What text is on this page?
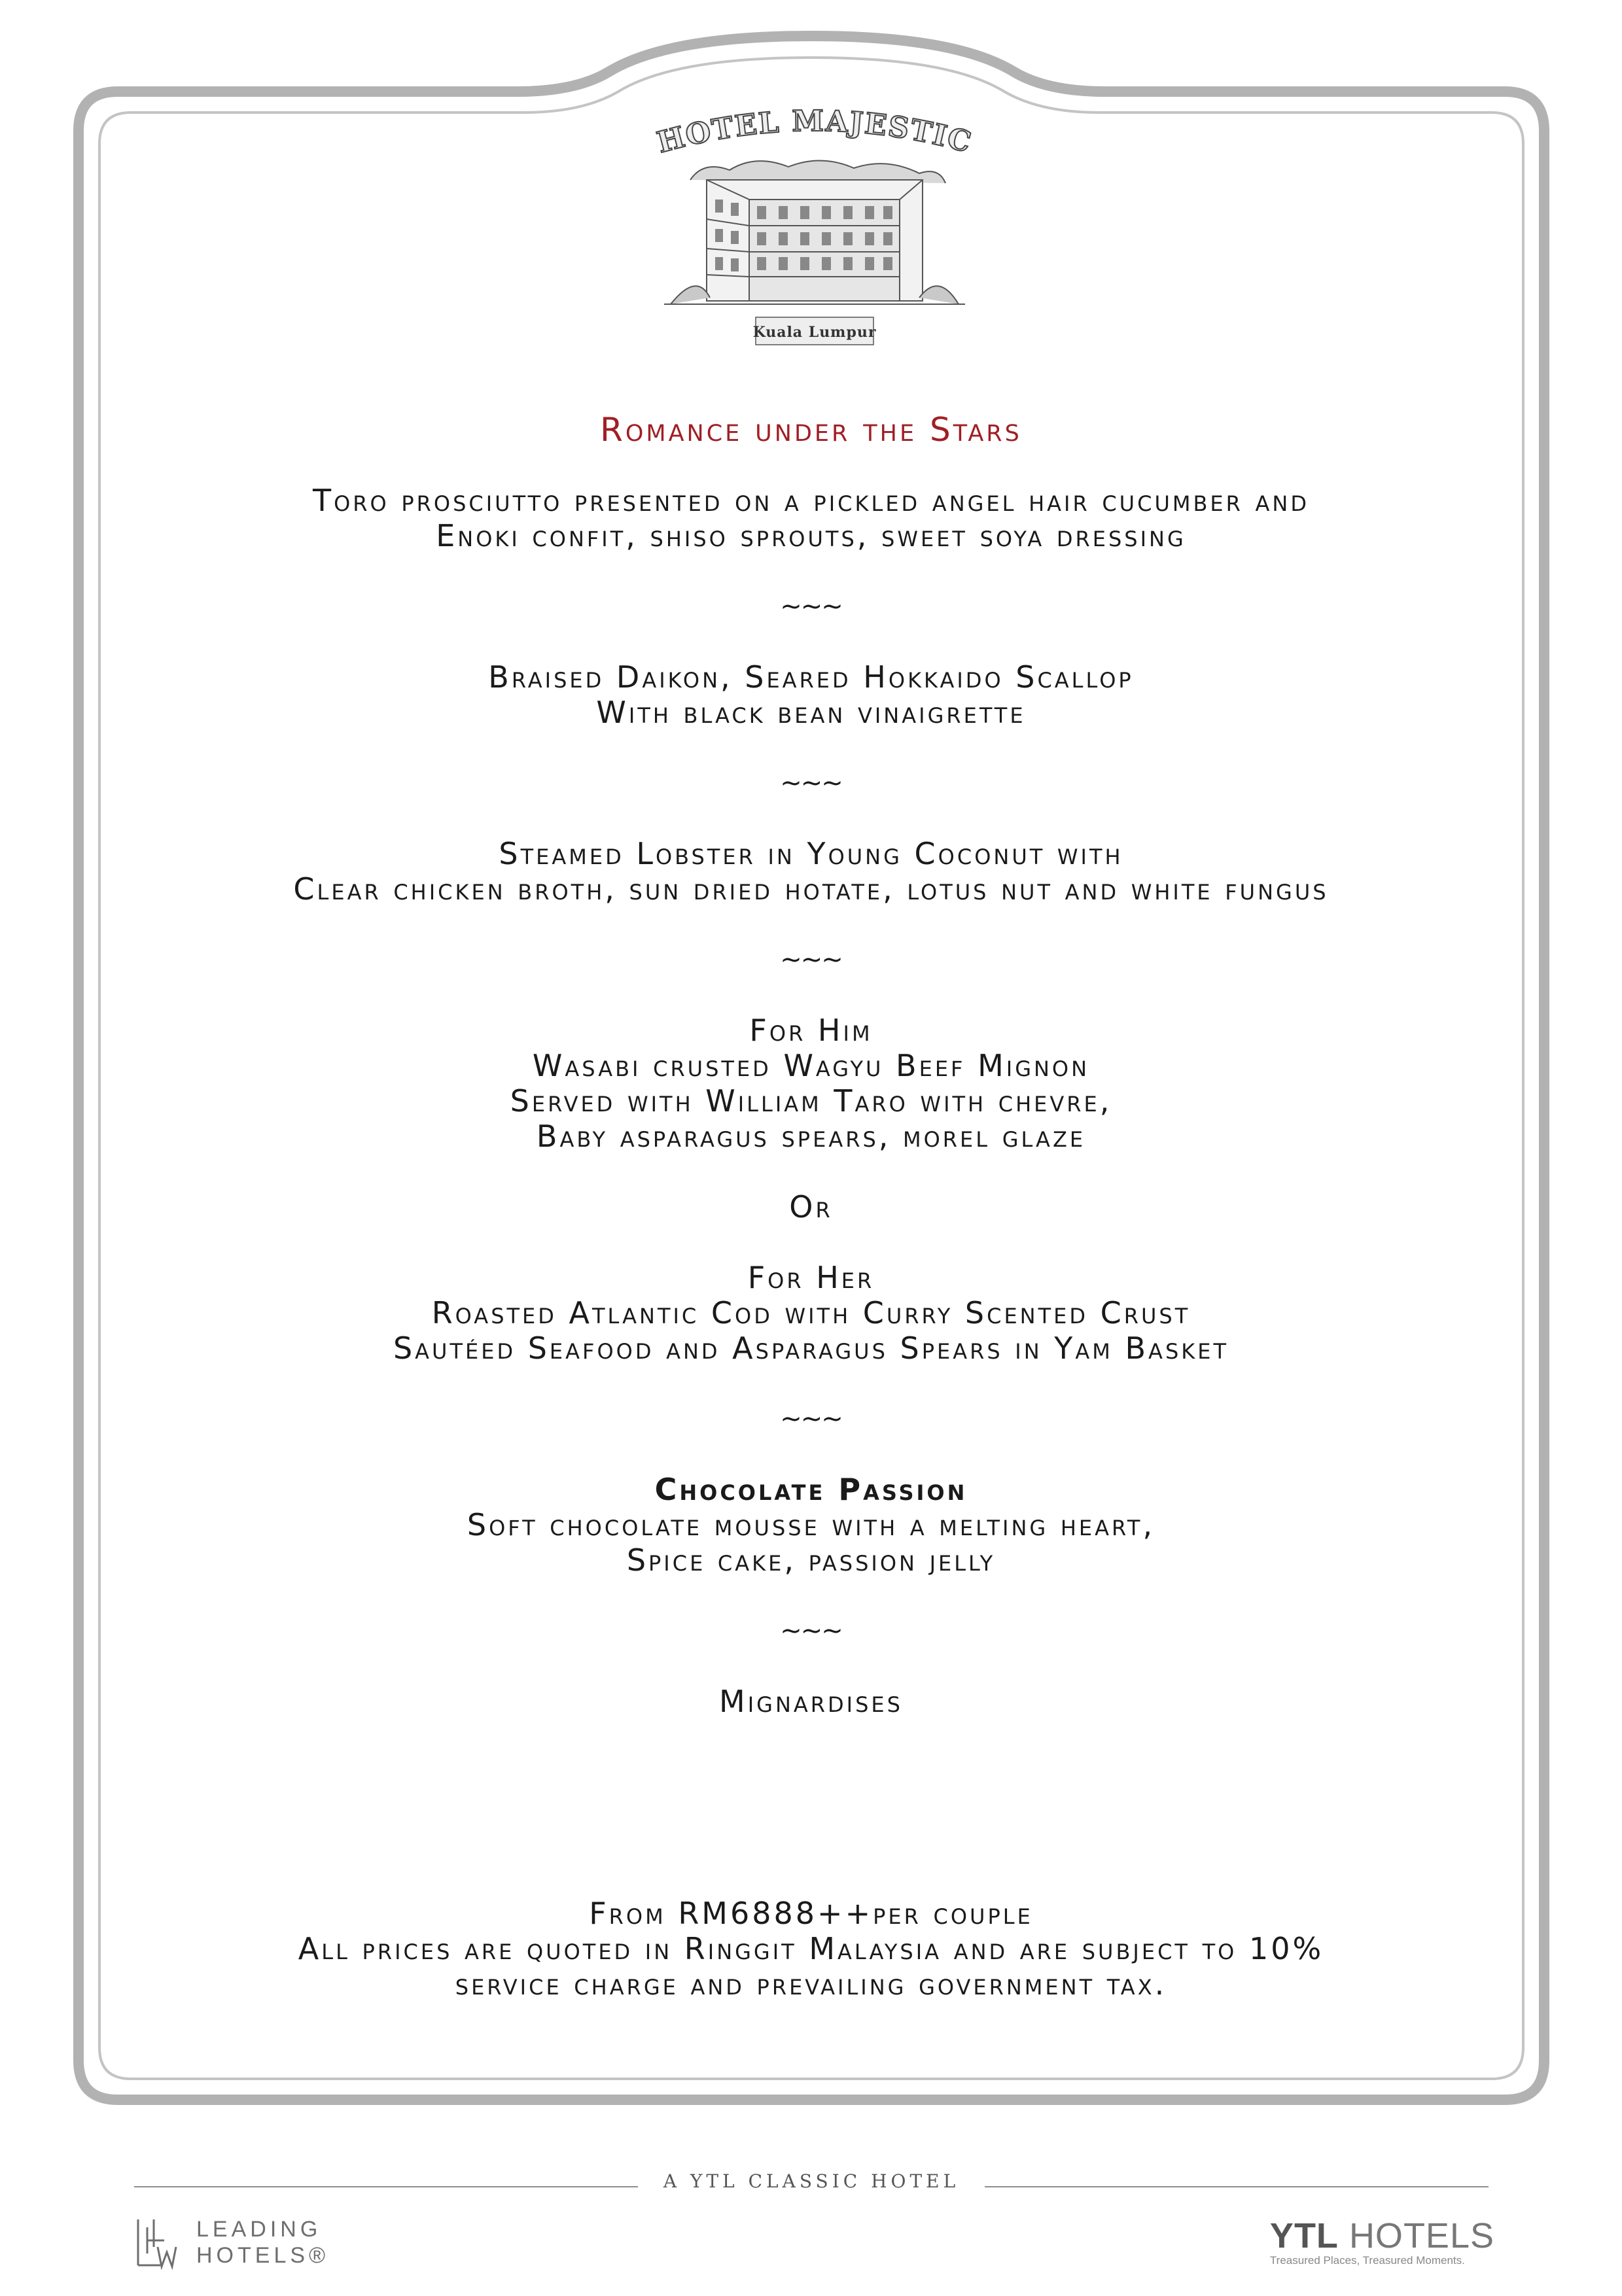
HOTEL MAJESTIC
Kuala Lumpur
Romance under the Stars
Toro prosciutto presented on a pickled angel hair cucumber and
Enoki confit, shiso sprouts, sweet soya dressing
~~~
Braised Daikon, Seared Hokkaido Scallop
With black bean vinaigrette
~~~
Steamed Lobster in Young Coconut with
Clear chicken broth, sun dried hotate, lotus nut and white fungus
~~~
For Him
Wasabi crusted Wagyu Beef Mignon
Served with William Taro with chevre,
Baby asparagus spears, morel glaze
Or
For Her
Roasted Atlantic Cod with Curry Scented Crust
Sautéed Seafood and Asparagus Spears in Yam Basket
~~~
Chocolate Passion
Soft chocolate mousse with a melting heart,
Spice cake, passion jelly
~~~
Mignardises
From RM6888++per couple
All prices are quoted in Ringgit Malaysia and are subject to 10%
service charge and prevailing government tax.
A YTL CLASSIC HOTEL
LEADING
HOTELS®	YTL HOTELS
Treasured Places, Treasured Moments.
